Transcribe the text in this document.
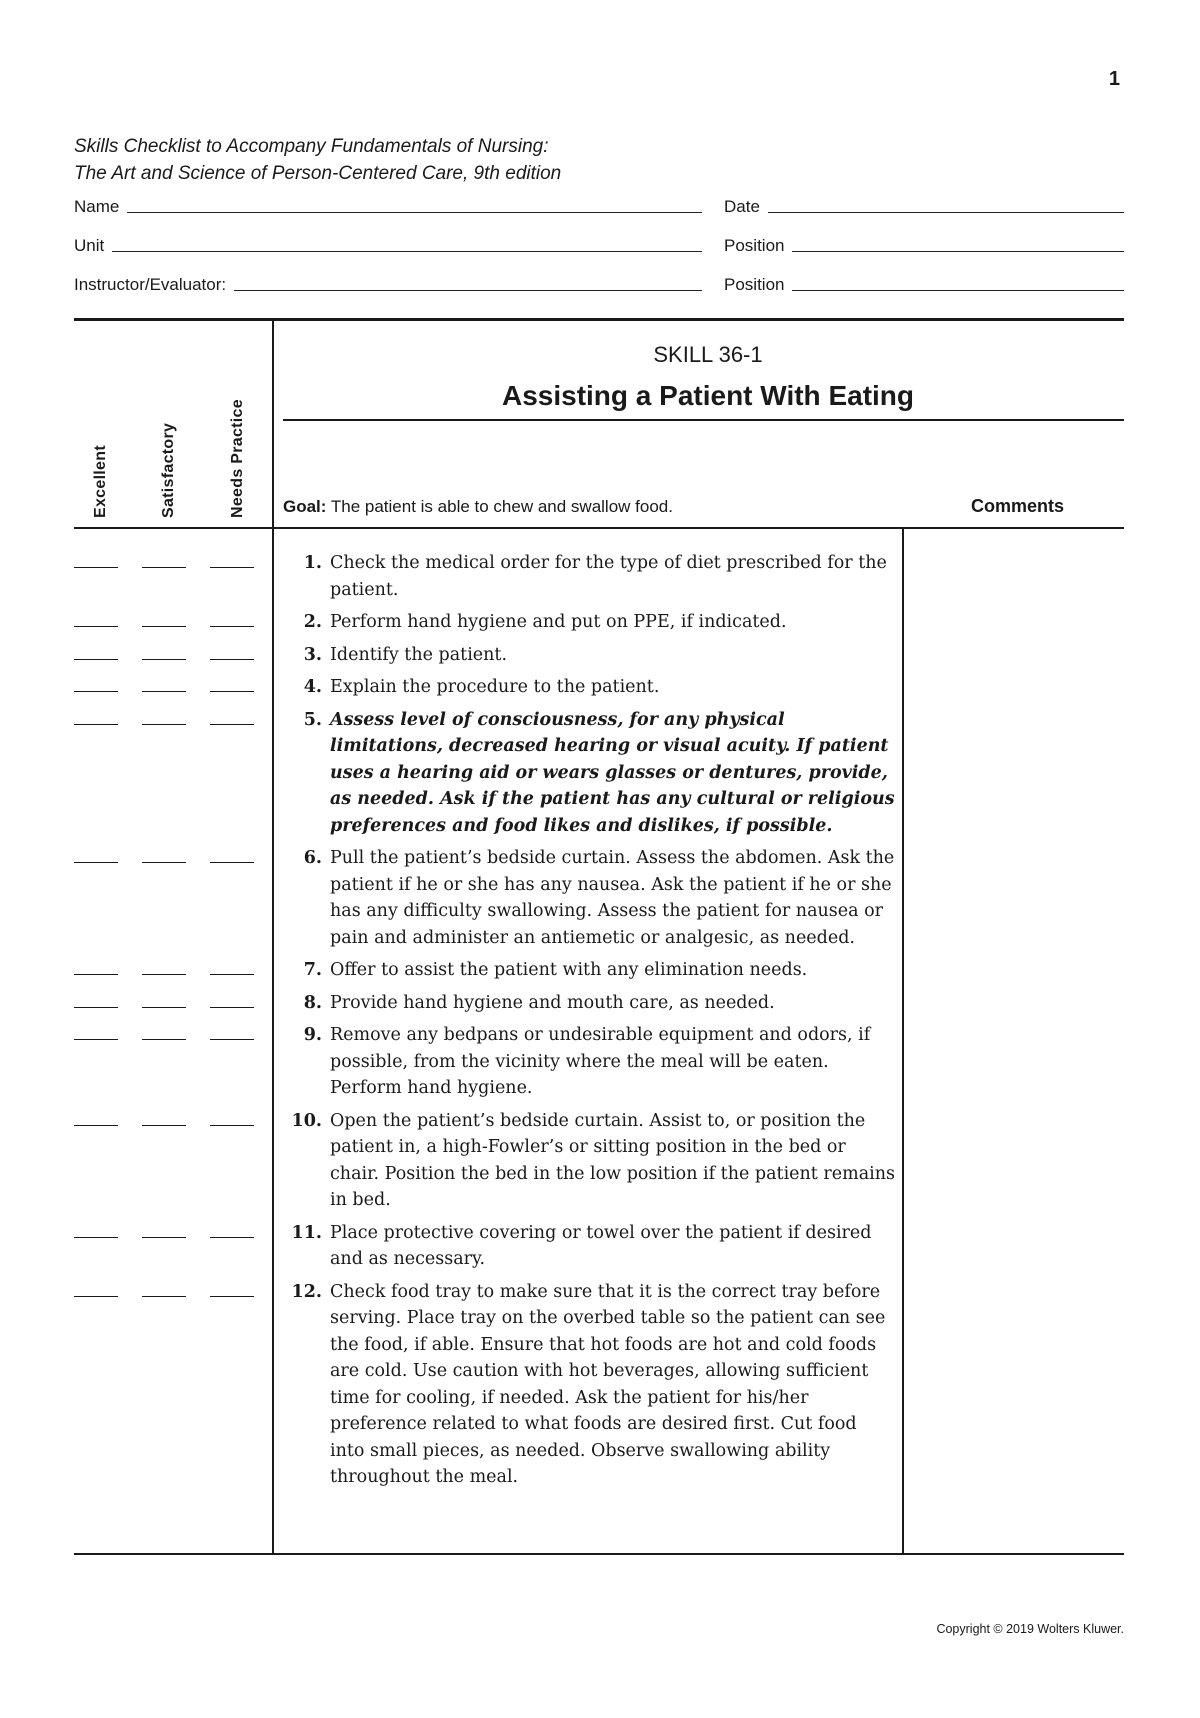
1
Skills Checklist to Accompany Fundamentals of Nursing:
The Art and Science of Person-Centered Care, 9th edition
Name	Date
Unit	Position
Instructor/Evaluator:	Position
Excellent	Satisfactory	Needs Practice
SKILL 36-1
Assisting a Patient With Eating
Goal: The patient is able to chew and swallow food.	Comments
1. Check the medical order for the type of diet prescribed for the patient.
2. Perform hand hygiene and put on PPE, if indicated.
3. Identify the patient.
4. Explain the procedure to the patient.
5. Assess level of consciousness, for any physical limitations, decreased hearing or visual acuity. If patient uses a hearing aid or wears glasses or dentures, provide, as needed. Ask if the patient has any cultural or religious preferences and food likes and dislikes, if possible.
6. Pull the patient’s bedside curtain. Assess the abdomen. Ask the patient if he or she has any nausea. Ask the patient if he or she has any difficulty swallowing. Assess the patient for nausea or pain and administer an antiemetic or analgesic, as needed.
7. Offer to assist the patient with any elimination needs.
8. Provide hand hygiene and mouth care, as needed.
9. Remove any bedpans or undesirable equipment and odors, if possible, from the vicinity where the meal will be eaten. Perform hand hygiene.
10. Open the patient’s bedside curtain. Assist to, or position the patient in, a high-Fowler’s or sitting position in the bed or chair. Position the bed in the low position if the patient remains in bed.
11. Place protective covering or towel over the patient if desired and as necessary.
12. Check food tray to make sure that it is the correct tray before serving. Place tray on the overbed table so the patient can see the food, if able. Ensure that hot foods are hot and cold foods are cold. Use caution with hot beverages, allowing sufficient time for cooling, if needed. Ask the patient for his/her preference related to what foods are desired first. Cut food into small pieces, as needed. Observe swallowing ability throughout the meal.
Copyright © 2019 Wolters Kluwer.
